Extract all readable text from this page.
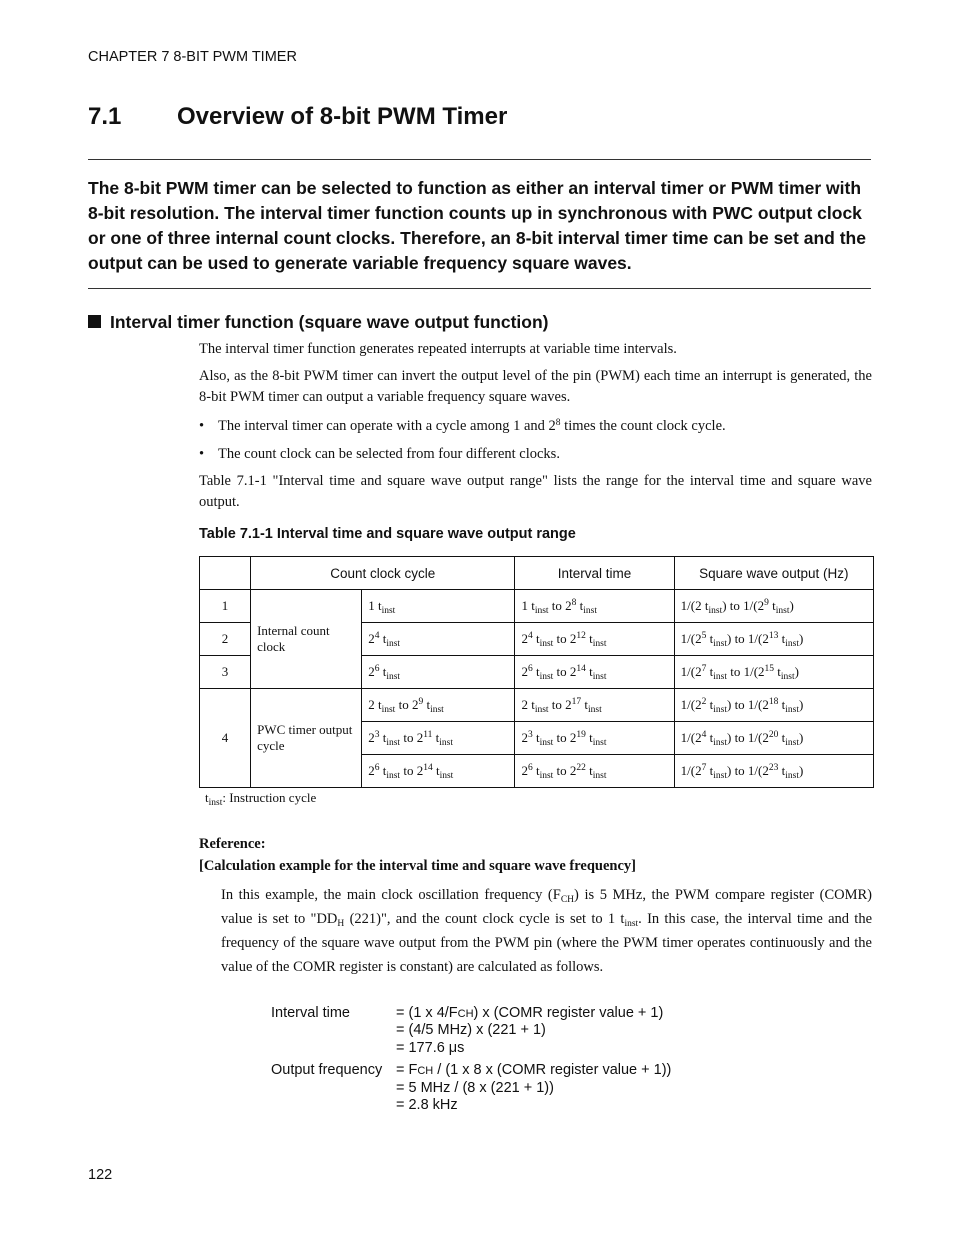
CHAPTER 7 8-BIT PWM TIMER
7.1 Overview of 8-bit PWM Timer
The 8-bit PWM timer can be selected to function as either an interval timer or PWM timer with 8-bit resolution. The interval timer function counts up in synchronous with PWC output clock or one of three internal count clocks. Therefore, an 8-bit interval timer time can be set and the output can be used to generate variable frequency square waves.
Interval timer function (square wave output function)
The interval timer function generates repeated interrupts at variable time intervals.
Also, as the 8-bit PWM timer can invert the output level of the pin (PWM) each time an interrupt is generated, the 8-bit PWM timer can output a variable frequency square waves.
• The interval timer can operate with a cycle among 1 and $2^8$ times the count clock cycle.
• The count clock can be selected from four different clocks.
Table 7.1-1 "Interval time and square wave output range" lists the range for the interval time and square wave output.
Table 7.1-1 Interval time and square wave output range
	Count clock cycle		Interval time	Square wave output (Hz)
1	Internal count clock	1 $t_{inst}$	1 $t_{inst}$ to $2^8$ $t_{inst}$	1/(2 $t_{inst}$) to $1/(2^9$ $t_{inst}$)
2		$2^4$ $t_{inst}$	$2^4$ $t_{inst}$ to $2^{12}$ $t_{inst}$	$1/(2^5$ $t_{inst}$) to $1/(2^{13}$ $t_{inst}$)
3		$2^6$ $t_{inst}$	$2^6$ $t_{inst}$ to $2^{14}$ $t_{inst}$	$1/(2^7$ $t_{inst}$ to $1/(2^{15}$ $t_{inst}$)
4	PWC timer output cycle	2 $t_{inst}$ to $2^9$ $t_{inst}$	2 $t_{inst}$ to $2^{17}$ $t_{inst}$	$1/(2^2$ $t_{inst}$) to $1/(2^{18}$ $t_{inst}$)
		$2^3$ $t_{inst}$ to $2^{11}$ $t_{inst}$	$2^3$ $t_{inst}$ to $2^{19}$ $t_{inst}$	$1/(2^4$ $t_{inst}$) to $1/(2^{20}$ $t_{inst}$)
		$2^6$ $t_{inst}$ to $2^{14}$ $t_{inst}$	$2^6$ $t_{inst}$ to $2^{22}$ $t_{inst}$	$1/(2^7$ $t_{inst}$) to $1/(2^{23}$ $t_{inst}$)
$t_{inst}$: Instruction cycle
Reference:
[Calculation example for the interval time and square wave frequency]
In this example, the main clock oscillation frequency $(F_{CH})$ is 5 MHz, the PWM compare register (COMR) value is set to "$DD_H$ (221)", and the count clock cycle is set to 1 $t_{inst}$. In this case, the interval time and the frequency of the square wave output from the PWM pin (where the PWM timer operates continuously and the value of the COMR register is constant) are calculated as follows.
Interval time	= (1 x 4/FCH) x (COMR register value + 1)
= (4/5 MHz) x (221 + 1)
= 177.6 μs
Output frequency = FCH / (1 x 8 x (COMR register value + 1))
= 5 MHz / (8 x (221 + 1))
= 2.8 kHz
122
